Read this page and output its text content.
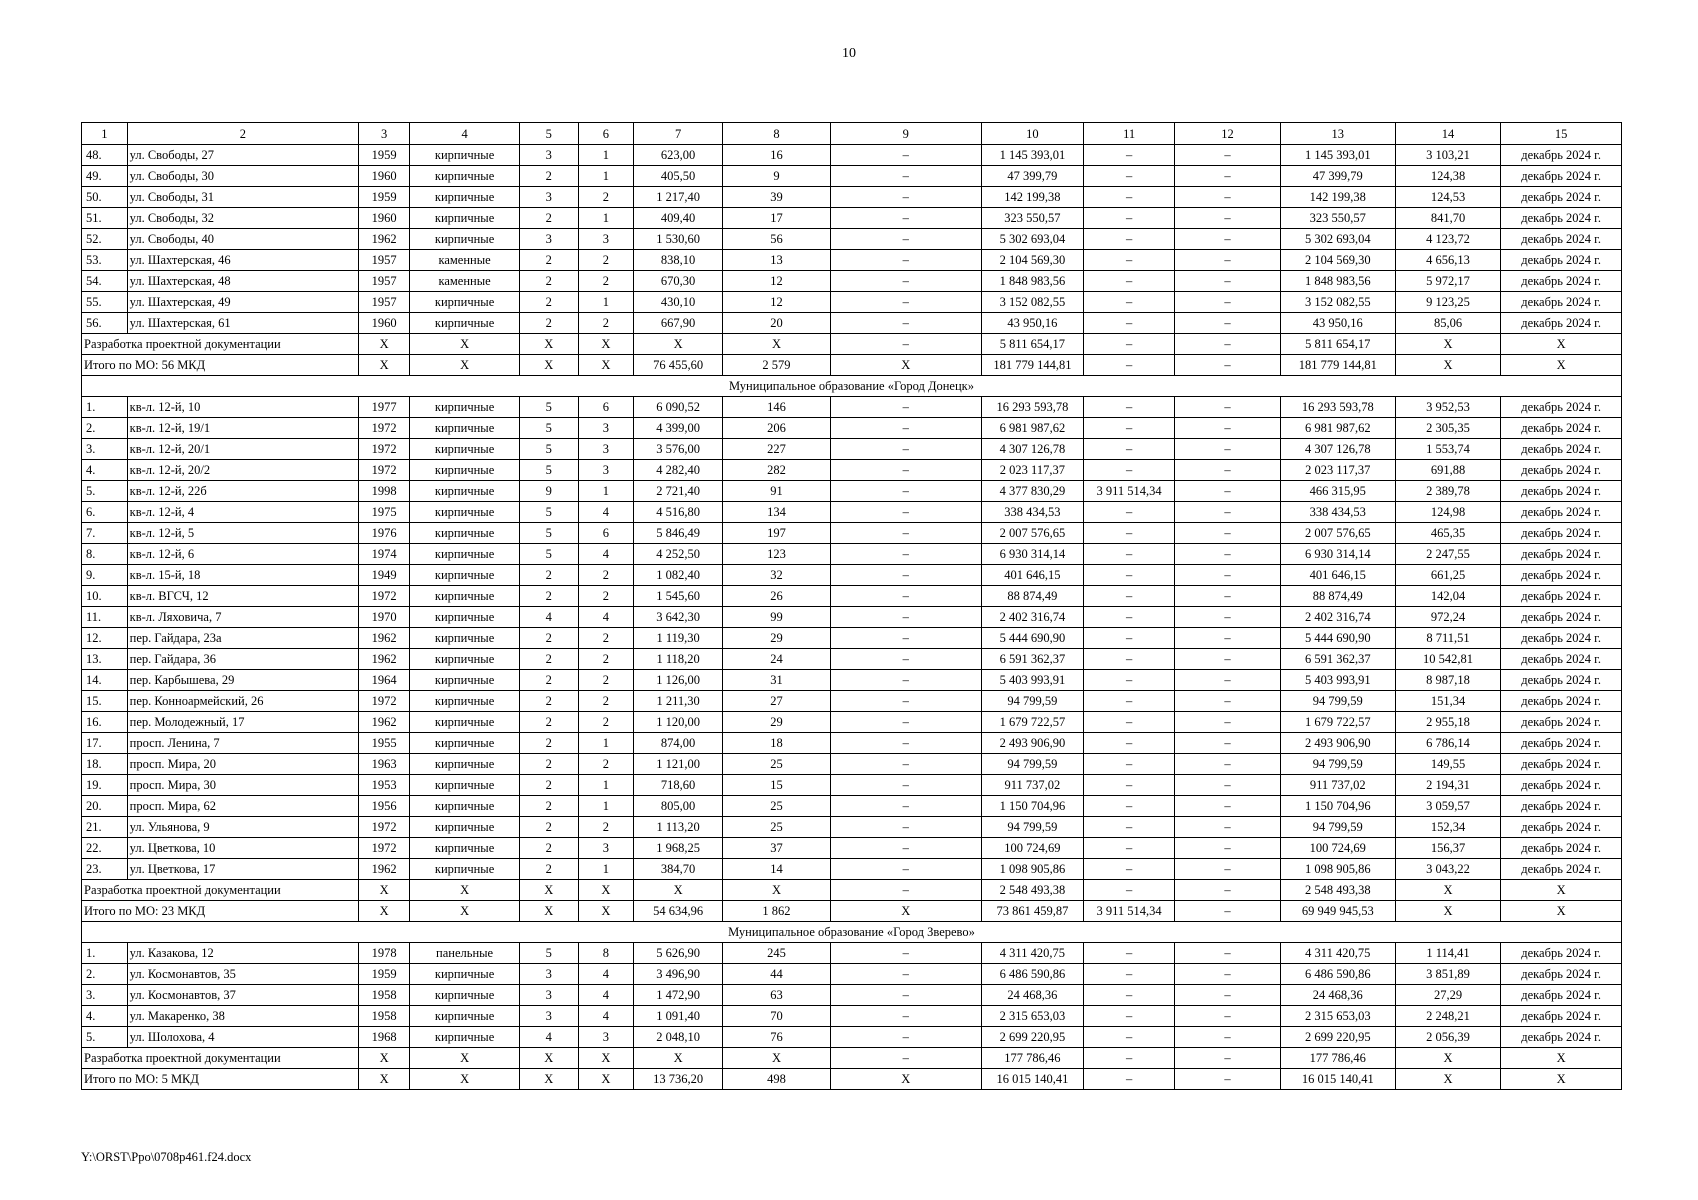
10
1	2	3	4	5	6	7	8	9	10	11	12	13	14	15
48.	ул. Свободы, 27	1959	кирпичные	3	1	623,00	16	–	1 145 393,01	–	–	1 145 393,01	3 103,21	декабрь 2024 г.
49.	ул. Свободы, 30	1960	кирпичные	2	1	405,50	9	–	47 399,79	–	–	47 399,79	124,38	декабрь 2024 г.
50.	ул. Свободы, 31	1959	кирпичные	3	2	1 217,40	39	–	142 199,38	–	–	142 199,38	124,53	декабрь 2024 г.
51.	ул. Свободы, 32	1960	кирпичные	2	1	409,40	17	–	323 550,57	–	–	323 550,57	841,70	декабрь 2024 г.
52.	ул. Свободы, 40	1962	кирпичные	3	3	1 530,60	56	–	5 302 693,04	–	–	5 302 693,04	4 123,72	декабрь 2024 г.
53.	ул. Шахтерская, 46	1957	каменные	2	2	838,10	13	–	2 104 569,30	–	–	2 104 569,30	4 656,13	декабрь 2024 г.
54.	ул. Шахтерская, 48	1957	каменные	2	2	670,30	12	–	1 848 983,56	–	–	1 848 983,56	5 972,17	декабрь 2024 г.
55.	ул. Шахтерская, 49	1957	кирпичные	2	1	430,10	12	–	3 152 082,55	–	–	3 152 082,55	9 123,25	декабрь 2024 г.
56.	ул. Шахтерская, 61	1960	кирпичные	2	2	667,90	20	–	43 950,16	–	–	43 950,16	85,06	декабрь 2024 г.
Разработка проектной документации		X	X	X	X	X	X	–	5 811 654,17	–	–	5 811 654,17	X	X
Итого по МО: 56 МКД		X	X	X	X	76 455,60	2 579	X	181 779 144,81	–	–	181 779 144,81	X	X
Муниципальное образование «Город Донецк»														
1.	кв-л. 12-й, 10	1977	кирпичные	5	6	6 090,52	146	–	16 293 593,78	–	–	16 293 593,78	3 952,53	декабрь 2024 г.
2.	кв-л. 12-й, 19/1	1972	кирпичные	5	3	4 399,00	206	–	6 981 987,62	–	–	6 981 987,62	2 305,35	декабрь 2024 г.
3.	кв-л. 12-й, 20/1	1972	кирпичные	5	3	3 576,00	227	–	4 307 126,78	–	–	4 307 126,78	1 553,74	декабрь 2024 г.
4.	кв-л. 12-й, 20/2	1972	кирпичные	5	3	4 282,40	282	–	2 023 117,37	–	–	2 023 117,37	691,88	декабрь 2024 г.
5.	кв-л. 12-й, 22б	1998	кирпичные	9	1	2 721,40	91	–	4 377 830,29	3 911 514,34	–	466 315,95	2 389,78	декабрь 2024 г.
6.	кв-л. 12-й, 4	1975	кирпичные	5	4	4 516,80	134	–	338 434,53	–	–	338 434,53	124,98	декабрь 2024 г.
7.	кв-л. 12-й, 5	1976	кирпичные	5	6	5 846,49	197	–	2 007 576,65	–	–	2 007 576,65	465,35	декабрь 2024 г.
8.	кв-л. 12-й, 6	1974	кирпичные	5	4	4 252,50	123	–	6 930 314,14	–	–	6 930 314,14	2 247,55	декабрь 2024 г.
9.	кв-л. 15-й, 18	1949	кирпичные	2	2	1 082,40	32	–	401 646,15	–	–	401 646,15	661,25	декабрь 2024 г.
10.	кв-л. ВГСЧ, 12	1972	кирпичные	2	2	1 545,60	26	–	88 874,49	–	–	88 874,49	142,04	декабрь 2024 г.
11.	кв-л. Ляховича, 7	1970	кирпичные	4	4	3 642,30	99	–	2 402 316,74	–	–	2 402 316,74	972,24	декабрь 2024 г.
12.	пер. Гайдара, 23а	1962	кирпичные	2	2	1 119,30	29	–	5 444 690,90	–	–	5 444 690,90	8 711,51	декабрь 2024 г.
13.	пер. Гайдара, 36	1962	кирпичные	2	2	1 118,20	24	–	6 591 362,37	–	–	6 591 362,37	10 542,81	декабрь 2024 г.
14.	пер. Карбышева, 29	1964	кирпичные	2	2	1 126,00	31	–	5 403 993,91	–	–	5 403 993,91	8 987,18	декабрь 2024 г.
15.	пер. Конноармейский, 26	1972	кирпичные	2	2	1 211,30	27	–	94 799,59	–	–	94 799,59	151,34	декабрь 2024 г.
16.	пер. Молодежный, 17	1962	кирпичные	2	2	1 120,00	29	–	1 679 722,57	–	–	1 679 722,57	2 955,18	декабрь 2024 г.
17.	просп. Ленина, 7	1955	кирпичные	2	1	874,00	18	–	2 493 906,90	–	–	2 493 906,90	6 786,14	декабрь 2024 г.
18.	просп. Мира, 20	1963	кирпичные	2	2	1 121,00	25	–	94 799,59	–	–	94 799,59	149,55	декабрь 2024 г.
19.	просп. Мира, 30	1953	кирпичные	2	1	718,60	15	–	911 737,02	–	–	911 737,02	2 194,31	декабрь 2024 г.
20.	просп. Мира, 62	1956	кирпичные	2	1	805,00	25	–	1 150 704,96	–	–	1 150 704,96	3 059,57	декабрь 2024 г.
21.	ул. Ульянова, 9	1972	кирпичные	2	2	1 113,20	25	–	94 799,59	–	–	94 799,59	152,34	декабрь 2024 г.
22.	ул. Цветкова, 10	1972	кирпичные	2	3	1 968,25	37	–	100 724,69	–	–	100 724,69	156,37	декабрь 2024 г.
23.	ул. Цветкова, 17	1962	кирпичные	2	1	384,70	14	–	1 098 905,86	–	–	1 098 905,86	3 043,22	декабрь 2024 г.
Разработка проектной документации		X	X	X	X	X	X	–	2 548 493,38	–	–	2 548 493,38	X	X
Итого по МО: 23 МКД		X	X	X	X	54 634,96	1 862	X	73 861 459,87	3 911 514,34	–	69 949 945,53	X	X
Муниципальное образование «Город Зверево»														
1.	ул. Казакова, 12	1978	панельные	5	8	5 626,90	245	–	4 311 420,75	–	–	4 311 420,75	1 114,41	декабрь 2024 г.
2.	ул. Космонавтов, 35	1959	кирпичные	3	4	3 496,90	44	–	6 486 590,86	–	–	6 486 590,86	3 851,89	декабрь 2024 г.
3.	ул. Космонавтов, 37	1958	кирпичные	3	4	1 472,90	63	–	24 468,36	–	–	24 468,36	27,29	декабрь 2024 г.
4.	ул. Макаренко, 38	1958	кирпичные	3	4	1 091,40	70	–	2 315 653,03	–	–	2 315 653,03	2 248,21	декабрь 2024 г.
5.	ул. Шолохова, 4	1968	кирпичные	4	3	2 048,10	76	–	2 699 220,95	–	–	2 699 220,95	2 056,39	декабрь 2024 г.
Разработка проектной документации		X	X	X	X	X	X	–	177 786,46	–	–	177 786,46	X	X
Итого по МО: 5 МКД		X	X	X	X	13 736,20	498	X	16 015 140,41	–	–	16 015 140,41	X	X
Y:\ORST\Ppo\0708p461.f24.docx
